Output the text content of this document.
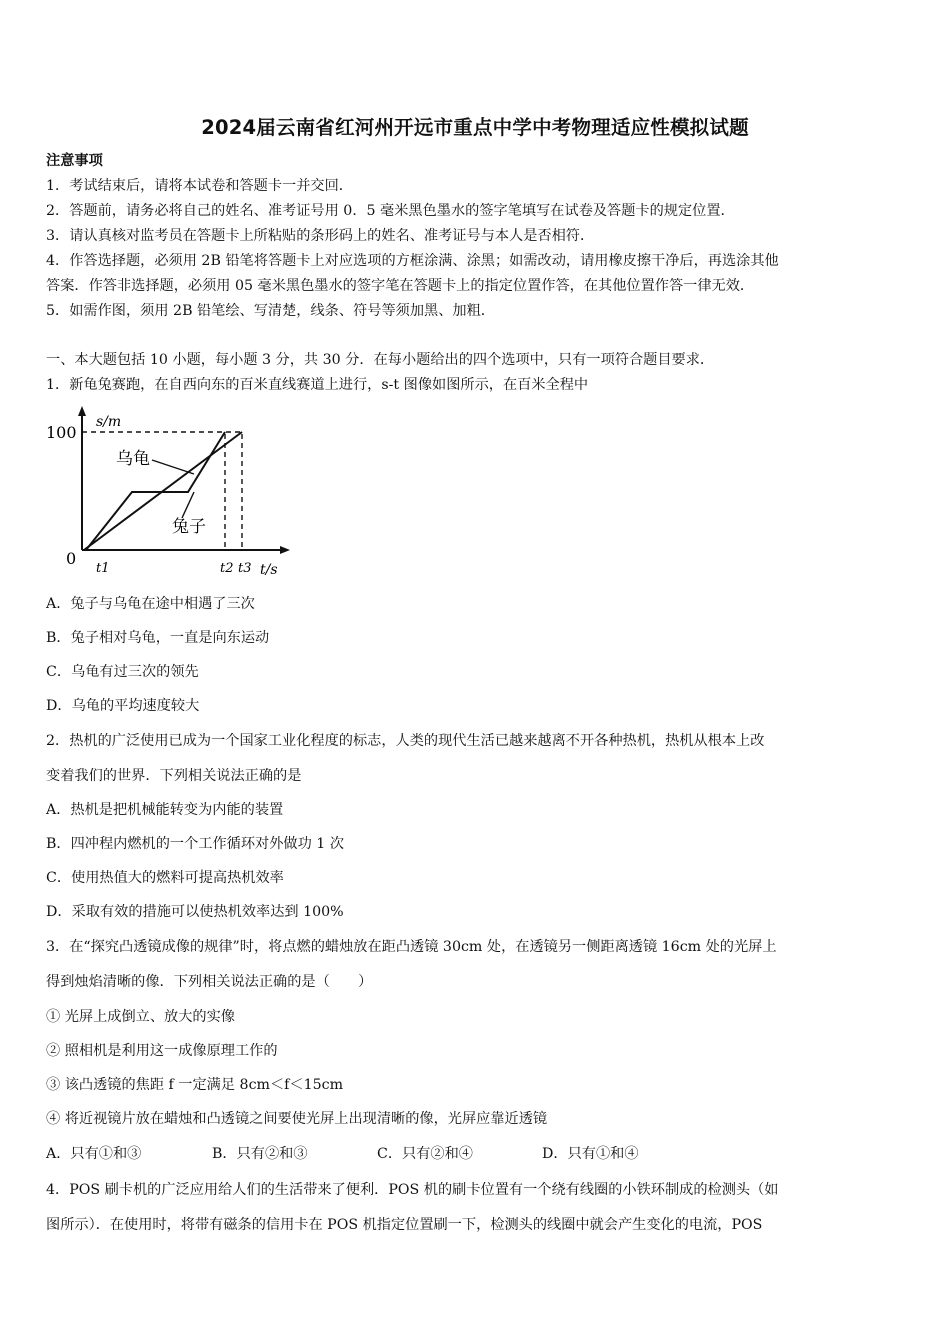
2024届云南省红河州开远市重点中学中考物理适应性模拟试题
注意事项
1．考试结束后，请将本试卷和答题卡一并交回．
2．答题前，请务必将自己的姓名、准考证号用 0．5 毫米黑色墨水的签字笔填写在试卷及答题卡的规定位置．
3．请认真核对监考员在答题卡上所粘贴的条形码上的姓名、准考证号与本人是否相符．
4．作答选择题，必须用 2B 铅笔将答题卡上对应选项的方框涂满、涂黑；如需改动，请用橡皮擦干净后，再选涂其他
答案．作答非选择题，必须用 05 毫米黑色墨水的签字笔在答题卡上的指定位置作答，在其他位置作答一律无效．
5．如需作图，须用 2B 铅笔绘、写清楚，线条、符号等须加黑、加粗．
一、本大题包括 10 小题，每小题 3 分，共 30 分．在每小题给出的四个选项中，只有一项符合题目要求．
1．新龟兔赛跑，在自西向东的百米直线赛道上进行，s-t 图像如图所示，在百米全程中
s/m
100
0
t1	t2 t3 t/s
乌龟
兔子
A．兔子与乌龟在途中相遇了三次
B．兔子相对乌龟，一直是向东运动
C．乌龟有过三次的领先
D．乌龟的平均速度较大
2．热机的广泛使用已成为一个国家工业化程度的标志，人类的现代生活已越来越离不开各种热机，热机从根本上改
变着我们的世界．下列相关说法正确的是
A．热机是把机械能转变为内能的装置
B．四冲程内燃机的一个工作循环对外做功 1 次
C．使用热值大的燃料可提高热机效率
D．采取有效的措施可以使热机效率达到 100%
3．在“探究凸透镜成像的规律”时，将点燃的蜡烛放在距凸透镜 30cm 处，在透镜另一侧距离透镜 16cm 处的光屏上
得到烛焰清晰的像．下列相关说法正确的是（　　）
① 光屏上成倒立、放大的实像
② 照相机是利用这一成像原理工作的
③ 该凸透镜的焦距 f 一定满足 8cm＜f＜15cm
④ 将近视镜片放在蜡烛和凸透镜之间要使光屏上出现清晰的像，光屏应靠近透镜
A．只有①和③	B．只有②和③	C．只有②和④	D．只有①和④
4．POS 刷卡机的广泛应用给人们的生活带来了便利．POS 机的刷卡位置有一个绕有线圈的小铁环制成的检测头（如
图所示）．在使用时，将带有磁条的信用卡在 POS 机指定位置刷一下，检测头的线圈中就会产生变化的电流，POS
